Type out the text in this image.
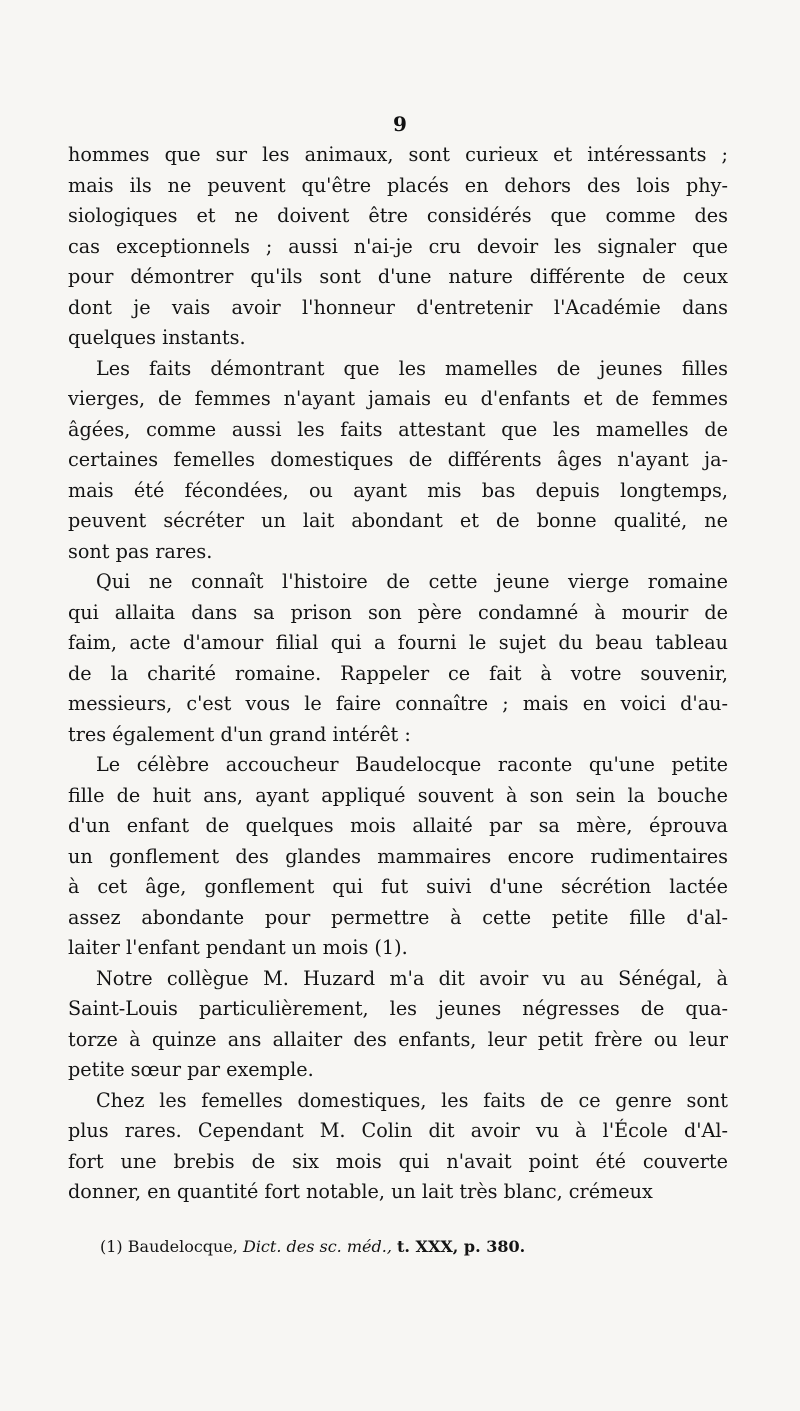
9

hommes que sur les animaux, sont curieux et intéressants ;
mais ils ne peuvent qu'être placés en dehors des lois phy-
siologiques et ne doivent être considérés que comme des
cas exceptionnels ; aussi n'ai-je cru devoir les signaler que
pour démontrer qu'ils sont d'une nature différente de ceux
dont je vais avoir l'honneur d'entretenir l'Académie dans
quelques instants.

Les faits démontrant que les mamelles de jeunes filles
vierges, de femmes n'ayant jamais eu d'enfants et de femmes
âgées, comme aussi les faits attestant que les mamelles de
certaines femelles domestiques de différents âges n'ayant ja-
mais été fécondées, ou ayant mis bas depuis longtemps,
peuvent sécréter un lait abondant et de bonne qualité, ne
sont pas rares.

Qui ne connaît l'histoire de cette jeune vierge romaine
qui allaita dans sa prison son père condamné à mourir de
faim, acte d'amour filial qui a fourni le sujet du beau tableau
de la charité romaine. Rappeler ce fait à votre souvenir,
messieurs, c'est vous le faire connaître ; mais en voici d'au-
tres également d'un grand intérêt :

Le célèbre accoucheur Baudelocque raconte qu'une petite
fille de huit ans, ayant appliqué souvent à son sein la bouche
d'un enfant de quelques mois allaité par sa mère, éprouva
un gonflement des glandes mammaires encore rudimentaires
à cet âge, gonflement qui fut suivi d'une sécrétion lactée
assez abondante pour permettre à cette petite fille d'al-
laiter l'enfant pendant un mois (1).

Notre collègue M. Huzard m'a dit avoir vu au Sénégal, à
Saint-Louis particulièrement, les jeunes négresses de qua-
torze à quinze ans allaiter des enfants, leur petit frère ou leur
petite sœur par exemple.

Chez les femelles domestiques, les faits de ce genre sont
plus rares. Cependant M. Colin dit avoir vu à l'École d'Al-
fort une brebis de six mois qui n'avait point été couverte
donner, en quantité fort notable, un lait très blanc, crémeux

(1) Baudelocque, Dict. des sc. méd., t. XXX, p. 380.
